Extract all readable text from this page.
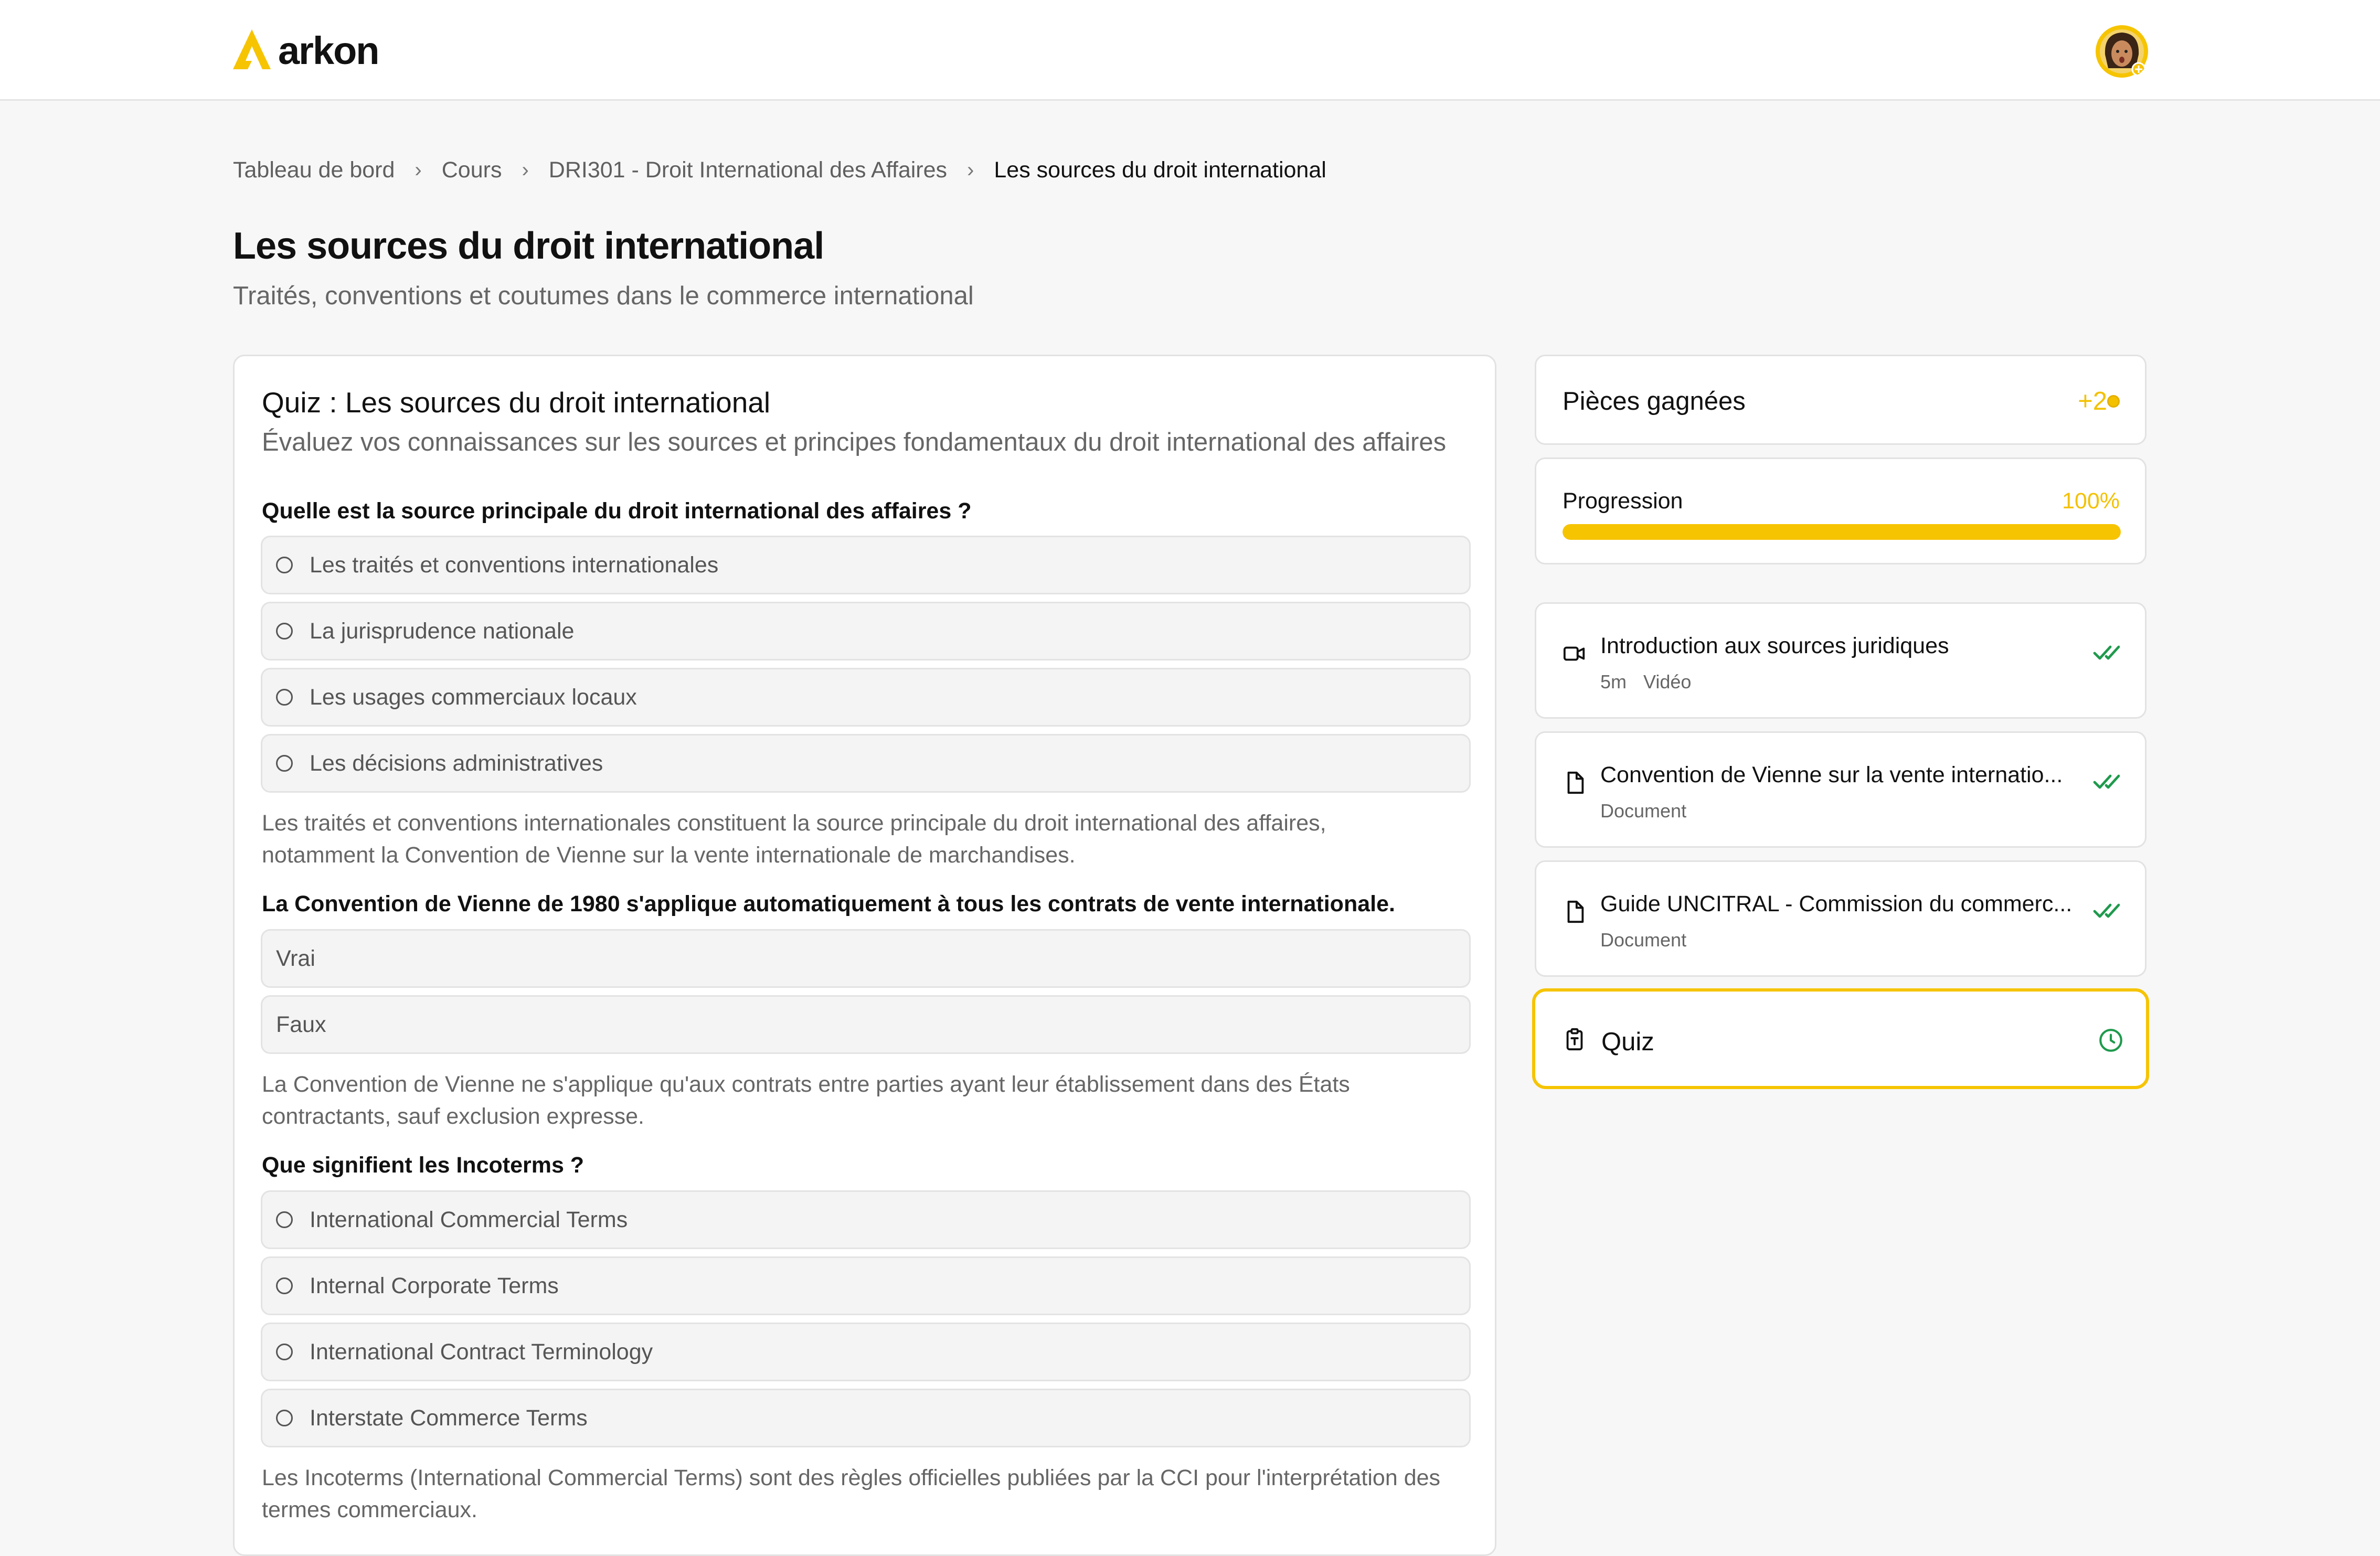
arkon
Tableau de bord › Cours › DRI301 - Droit International des Affaires › Les sources du droit international
Les sources du droit international
Traités, conventions et coutumes dans le commerce international
Quiz : Les sources du droit international
Évaluez vos connaissances sur les sources et principes fondamentaux du droit international des affaires
Quelle est la source principale du droit international des affaires ?
Les traités et conventions internationales
La jurisprudence nationale
Les usages commerciaux locaux
Les décisions administratives
Les traités et conventions internationales constituent la source principale du droit international des affaires,
notamment la Convention de Vienne sur la vente internationale de marchandises.
La Convention de Vienne de 1980 s'applique automatiquement à tous les contrats de vente internationale.
Vrai
Faux
La Convention de Vienne ne s'applique qu'aux contrats entre parties ayant leur établissement dans des États
contractants, sauf exclusion expresse.
Que signifient les Incoterms ?
International Commercial Terms
Internal Corporate Terms
International Contract Terminology
Interstate Commerce Terms
Les Incoterms (International Commercial Terms) sont des règles officielles publiées par la CCI pour l'interprétation des
termes commerciaux.
Pièces gagnées	+2
Progression	100%
Introduction aux sources juridiques
5m Vidéo
Convention de Vienne sur la vente internatio...
Document
Guide UNCITRAL - Commission du commerc...
Document
Quiz
